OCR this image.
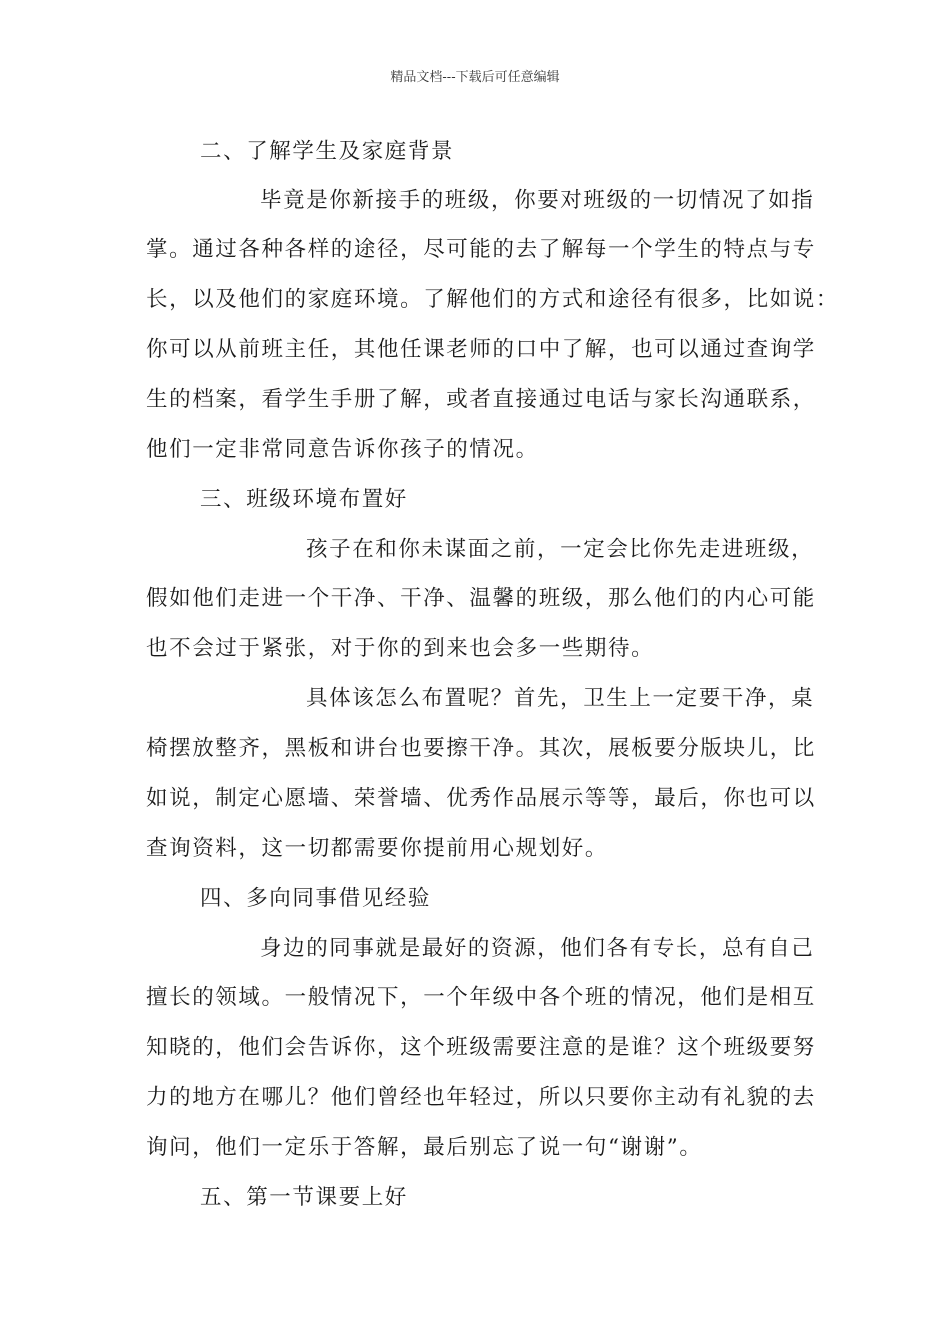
精品文档---下载后可任意编辑
二、了解学生及家庭背景
毕竟是你新接手的班级，你要对班级的一切情况了如指
掌。通过各种各样的途径，尽可能的去了解每一个学生的特点与专
长，以及他们的家庭环境。了解他们的方式和途径有很多，比如说：
你可以从前班主任，其他任课老师的口中了解，也可以通过查询学
生的档案，看学生手册了解，或者直接通过电话与家长沟通联系，
他们一定非常同意告诉你孩子的情况。
三、班级环境布置好
孩子在和你未谋面之前，一定会比你先走进班级，
假如他们走进一个干净、干净、温馨的班级，那么他们的内心可能
也不会过于紧张，对于你的到来也会多一些期待。
具体该怎么布置呢？首先，卫生上一定要干净，桌
椅摆放整齐，黑板和讲台也要擦干净。其次，展板要分版块儿，比
如说，制定心愿墙、荣誉墙、优秀作品展示等等，最后，你也可以
查询资料，这一切都需要你提前用心规划好。
四、多向同事借见经验
身边的同事就是最好的资源，他们各有专长，总有自己
擅长的领域。一般情况下，一个年级中各个班的情况，他们是相互
知晓的，他们会告诉你，这个班级需要注意的是谁？这个班级要努
力的地方在哪儿？他们曾经也年轻过，所以只要你主动有礼貌的去
询问，他们一定乐于答解，最后别忘了说一句“谢谢”。
五、第一节课要上好
